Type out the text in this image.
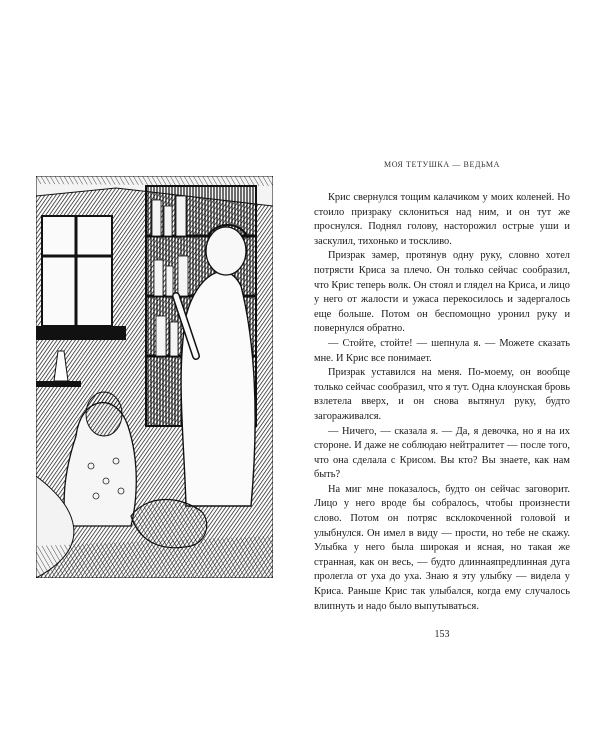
МОЯ ТЕТУШКА — ВЕДЬМА

Крис свернулся тощим калачиком у моих коленей. Но стоило призраку склониться над ним, и он тут же проснулся. Поднял голову, насторожил острые уши и заскулил, тихонько и тоскливо.

Призрак замер, протянув одну руку, словно хотел потрясти Криса за плечо. Он только сейчас сообразил, что Крис теперь волк. Он стоял и глядел на Криса, и лицо у него от жалости и ужаса перекосилось и задергалось еще больше. Потом он беспомощно уронил руку и повернулся обратно.

— Стойте, стойте! — шепнула я. — Можете сказать мне. И Крис все понимает.

Призрак уставился на меня. По-моему, он вообще только сейчас сообразил, что я тут. Одна клоунская бровь взлетела вверх, и он снова вытянул руку, будто загораживался.

— Ничего, — сказала я. — Да, я девочка, но я на их стороне. И даже не соблюдаю нейтралитет — после того, что она сделала с Крисом. Вы кто? Вы знаете, как нам быть?

На миг мне показалось, будто он сейчас заговорит. Лицо у него вроде бы собралось, чтобы произнести слово. Потом он потряс всклокоченной головой и улыбнулся. Он имел в виду — прости, но тебе не скажу. Улыбка у него была широкая и ясная, но такая же странная, как он весь, — будто длиннаяпредлинная дуга пролегла от уха до уха. Знаю я эту улыбку — видела у Криса. Раньше Крис так улыбался, когда ему случалось влипнуть и надо было выпутываться.

153
